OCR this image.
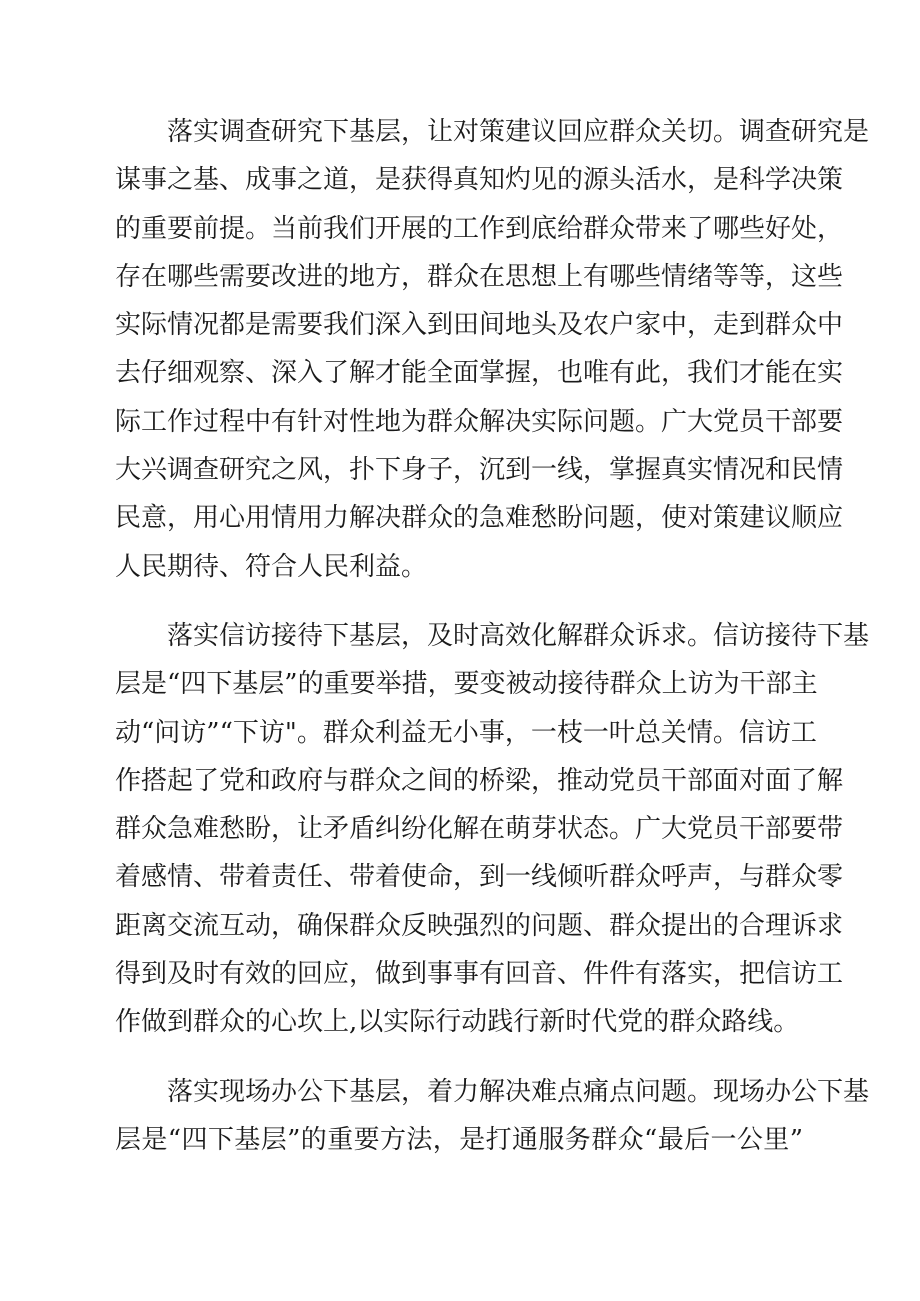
落实调查研究下基层，让对策建议回应群众关切。调查研究是
谋事之基、成事之道，是获得真知灼见的源头活水，是科学决策
的重要前提。当前我们开展的工作到底给群众带来了哪些好处，
存在哪些需要改进的地方，群众在思想上有哪些情绪等等，这些
实际情况都是需要我们深入到田间地头及农户家中，走到群众中
去仔细观察、深入了解才能全面掌握，也唯有此，我们才能在实
际工作过程中有针对性地为群众解决实际问题。广大党员干部要
大兴调查研究之风，扑下身子，沉到一线，掌握真实情况和民情
民意，用心用情用力解决群众的急难愁盼问题，使对策建议顺应
人民期待、符合人民利益。
落实信访接待下基层，及时高效化解群众诉求。信访接待下基
层是“四下基层”的重要举措，要变被动接待群众上访为干部主
动“问访”“下访"。群众利益无小事，一枝一叶总关情。信访工
作搭起了党和政府与群众之间的桥梁，推动党员干部面对面了解
群众急难愁盼，让矛盾纠纷化解在萌芽状态。广大党员干部要带
着感情、带着责任、带着使命，到一线倾听群众呼声，与群众零
距离交流互动，确保群众反映强烈的问题、群众提出的合理诉求
得到及时有效的回应，做到事事有回音、件件有落实，把信访工
作做到群众的心坎上,以实际行动践行新时代党的群众路线。
落实现场办公下基层，着力解决难点痛点问题。现场办公下基
层是“四下基层”的重要方法，是打通服务群众“最后一公里”
